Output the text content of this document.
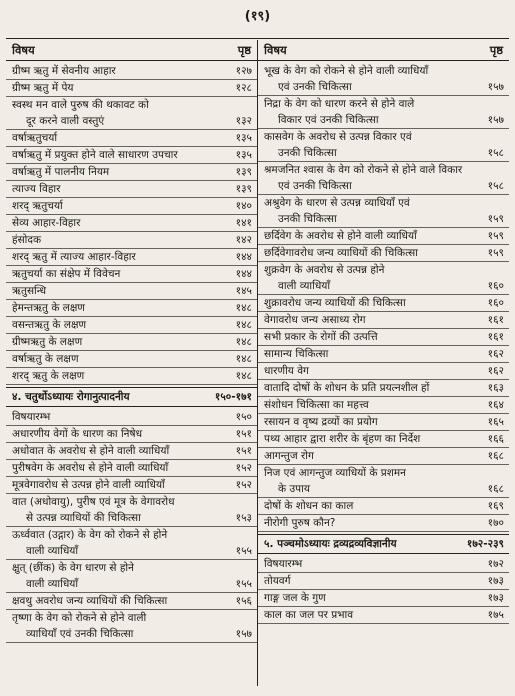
(१९)
विषय	पृष्ठ
ग्रीष्म ऋतु में सेवनीय आहार	१२७
ग्रीष्म ऋतु में पेय	१२८
स्वस्थ मन वाले पुरुष की थकावट को
दूर करने वाली वस्तुएं	१३२
वर्षाऋतुचर्या	१३५
वर्षाऋतु में प्रयुक्त होने वाले साधारण उपचार	१३५
वर्षाऋतु में पालनीय नियम	१३९
त्याज्य विहार	१३९
शरद् ऋतुचर्या	१४०
सेव्य आहार-विहार	१४१
हंसोदक	१४२
शरद् ऋतु में त्याज्य आहार-विहार	१४४
ऋतुचर्या का संक्षेप में विवेचन	१४४
ऋतुसन्धि	१४५
हेमन्तऋतु के लक्षण	१४८
वसन्तऋतु के लक्षण	१४८
ग्रीष्मऋतु के लक्षण	१४८
वर्षाऋतु के लक्षण	१४८
शरद् ऋतु के लक्षण	१४८
४. चतुर्थोऽध्यायः रोगानुत्पादनीय	१५०-१७१
विषयारम्भ	१५०
अधारणीय वेगों के धारण का निषेध	१५१
अधोवात के अवरोध से होने वाली व्याधियाँ	१५१
पुरीषवेग के अवरोध से होने वाली व्याधियाँ	१५२
मूत्रवेगावरोध से उत्पन्न होने वाली व्याधियाँ	१५२
वात (अधोवायु), पुरीष एवं मूत्र के वेगावरोध
से उत्पन्न व्याधियों की चिकित्सा	१५३
ऊर्ध्ववात (उद्गार) के वेग को रोकने से होने
वाली व्याधियाँ	१५५
क्षुत् (छींक) के वेग धारण से होने
वाली व्याधियाँ	१५५
क्षवथु अवरोध जन्य व्याधियों की चिकित्सा	१५६
तृष्णा के वेग को रोकने से होने वाली
व्याधियाँ एवं उनकी चिकित्सा	१५७
विषय	पृष्ठ
भूख के वेग को रोकने से होने वाली व्याधियाँ
एवं उनकी चिकित्सा	१५७
निद्रा के वेग को धारण करने से होने वाले
विकार एवं उनकी चिकित्सा	१५७
कासवेग के अवरोध से उत्पन्न विकार एवं
उनकी चिकित्सा	१५८
श्रमजनित श्वास के वेग को रोकने से होने वाले विकार
एवं उनकी चिकित्सा	१५८
अश्रुवेग के धारण से उत्पन्न व्याधियाँ एवं
उनकी चिकित्सा	१५९
छर्दिवेग के अवरोध से होने वाली व्याधियाँ	१५९
छर्दिवेगावरोध जन्य व्याधियों की चिकित्सा	१५९
शुक्रवेग के अवरोध से उत्पन्न होने
वाली व्याधियाँ	१६०
शुक्रावरोध जन्य व्याधियों की चिकित्सा	१६०
वेगावरोध जन्य असाध्य रोग	१६१
सभी प्रकार के रोगों की उत्पत्ति	१६१
सामान्य चिकित्सा	१६२
धारणीय वेग	१६२
वातादि दोषों के शोधन के प्रति प्रयत्नशील हों	१६३
संशोधन चिकित्सा का महत्त्व	१६४
रसायन व वृष्य द्रव्यों का प्रयोग	१६५
पथ्य आहार द्वारा शरीर के बृंहण का निर्देश	१६६
आगन्तुज रोग	१६८
निज एवं आगन्तुज व्याधियों के प्रशमन
के उपाय	१६८
दोषों के शोधन का काल	१६९
नीरोगी पुरुष कौन?	१७०
५. पञ्चमोऽध्यायः द्रव्यद्रव्यविज्ञानीय	१७२-२३९
विषयारम्भ	१७२
तोयवर्ग	१७३
गाङ्ग जल के गुण	१७३
काल का जल पर प्रभाव	१७५
